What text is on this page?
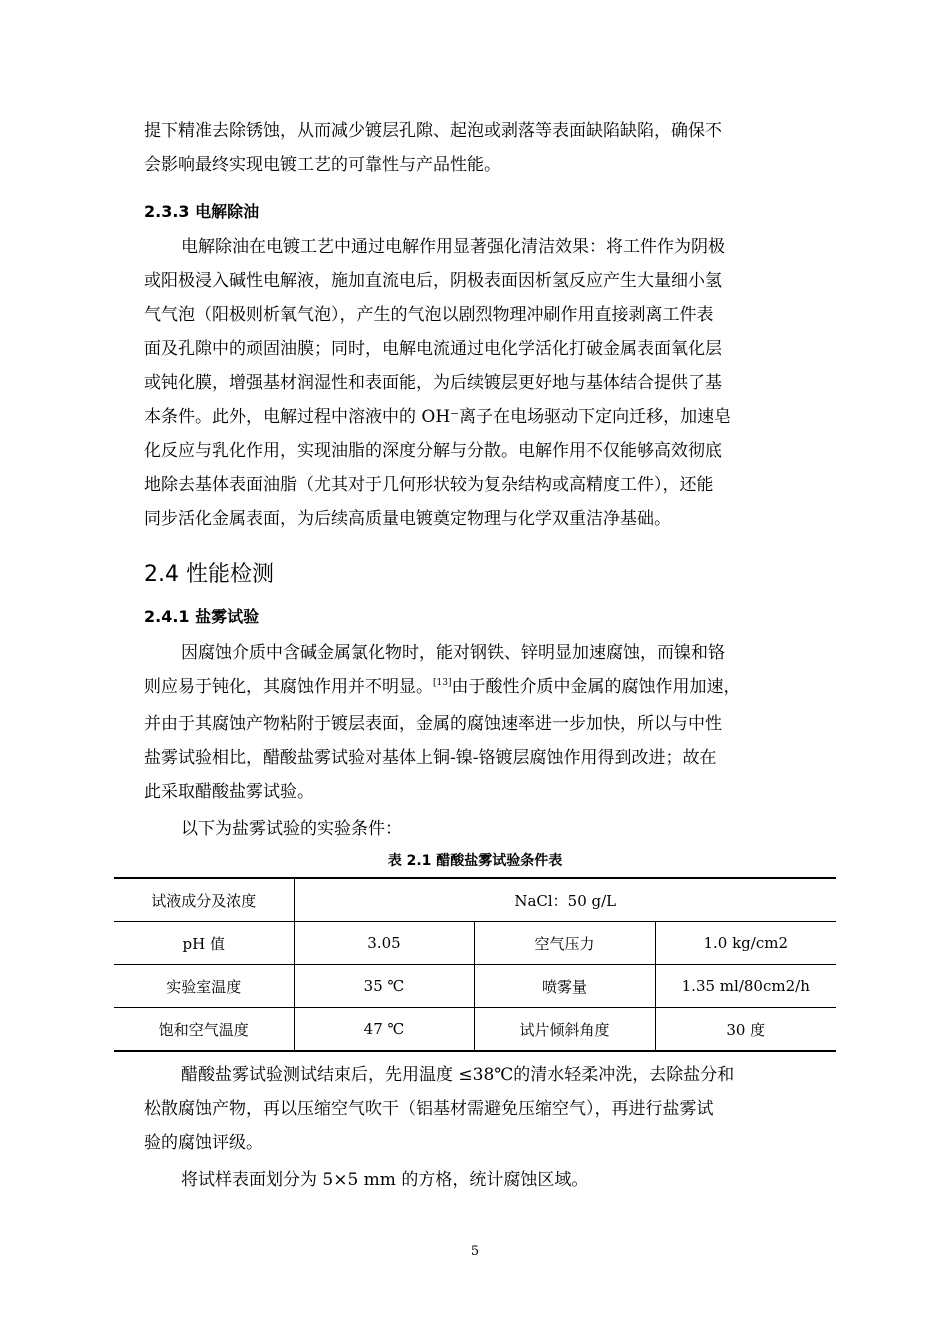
提下精准去除锈蚀，从而减少镀层孔隙、起泡或剥落等表面缺陷缺陷，确保不
会影响最终实现电镀工艺的可靠性与产品性能。
2.3.3 电解除油
电解除油在电镀工艺中通过电解作用显著强化清洁效果：将工件作为阴极
或阳极浸入碱性电解液，施加直流电后，阴极表面因析氢反应产生大量细小氢
气气泡（阳极则析氧气泡），产生的气泡以剧烈物理冲刷作用直接剥离工件表
面及孔隙中的顽固油膜；同时，电解电流通过电化学活化打破金属表面氧化层
或钝化膜，增强基材润湿性和表面能，为后续镀层更好地与基体结合提供了基
本条件。此外，电解过程中溶液中的 OH⁻离子在电场驱动下定向迁移，加速皂
化反应与乳化作用，实现油脂的深度分解与分散。电解作用不仅能够高效彻底
地除去基体表面油脂（尤其对于几何形状较为复杂结构或高精度工件），还能
同步活化金属表面，为后续高质量电镀奠定物理与化学双重洁净基础。
2.4 性能检测
2.4.1 盐雾试验
因腐蚀介质中含碱金属氯化物时，能对钢铁、锌明显加速腐蚀，而镍和铬
则应易于钝化，其腐蚀作用并不明显。[13]由于酸性介质中金属的腐蚀作用加速，
并由于其腐蚀产物粘附于镀层表面，金属的腐蚀速率进一步加快，所以与中性
盐雾试验相比，醋酸盐雾试验对基体上铜-镍-铬镀层腐蚀作用得到改进；故在
此采取醋酸盐雾试验。
以下为盐雾试验的实验条件：
表 2.1 醋酸盐雾试验条件表
试液成分及浓度	NaCl：50 g/L		
pH 值	3.05	空气压力	1.0 kg/cm2
实验室温度	35 ℃	喷雾量	1.35 ml/80cm2/h
饱和空气温度	47 ℃	试片倾斜角度	30 度
醋酸盐雾试验测试结束后，先用温度 ≤38℃的清水轻柔冲洗，去除盐分和
松散腐蚀产物，再以压缩空气吹干（铝基材需避免压缩空气），再进行盐雾试
验的腐蚀评级。
将试样表面划分为 5×5 mm 的方格，统计腐蚀区域。
5
